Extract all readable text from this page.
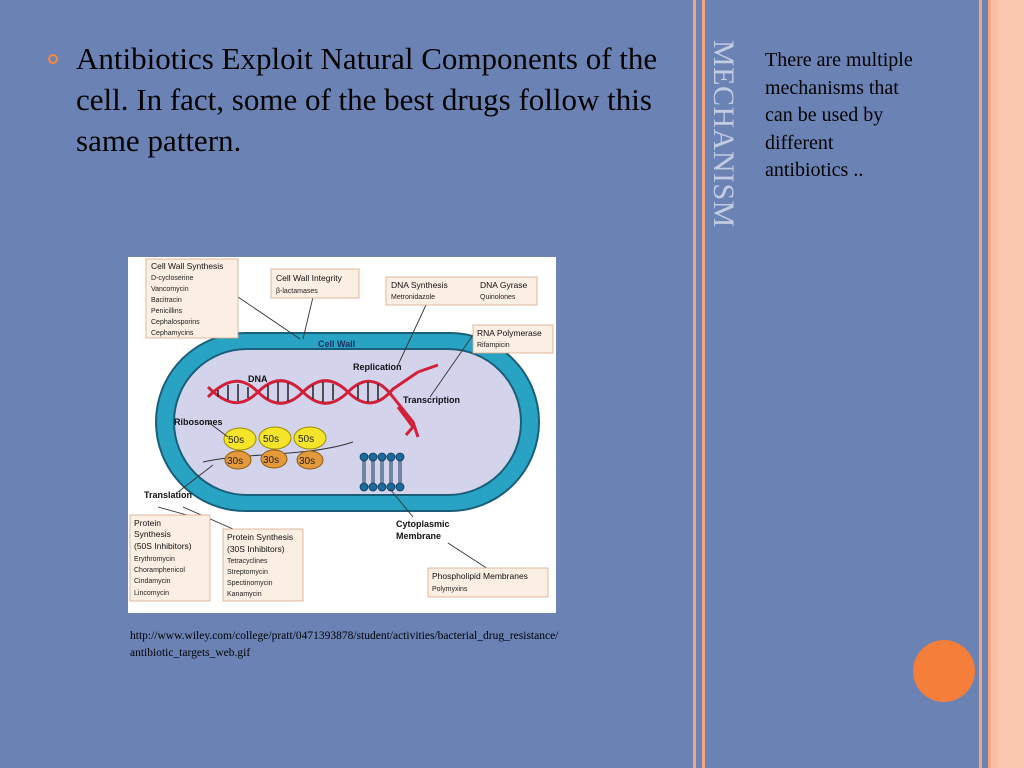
Antibiotics Exploit Natural Components of the cell. In fact, some of the best drugs follow this same pattern.
Cell Wall
DNA
Replication
Transcription
Ribosomes
50s
30s
50s
30s
50s
30s
Translation
Cytoplasmic
Membrane
Cell Wall Synthesis
D-cycloserine
Vancomycin
Bacitracin
Penicillins
Cephalosporins
Cephamycins
Cell Wall Integrity
β-lactamases
DNA Synthesis
Metronidazole
DNA Gyrase
Quinolones
RNA Polymerase
Rifampicin
Protein
Synthesis
(50S Inhibitors)
Erythromycin
Choramphenicol
Cindamycin
Lincomycin
Protein Synthesis
(30S Inhibitors)
Tetracyclines
Streptomycin
Spectinomycin
Kanamycin
Phospholipid Membranes
Polymyxins
http://www.wiley.com/college/pratt/0471393878/student/activities/bacterial_drug_resistance/antibiotic_targets_web.gif
MECHANISM There are multiple mechanisms that can be used by different antibiotics ..
